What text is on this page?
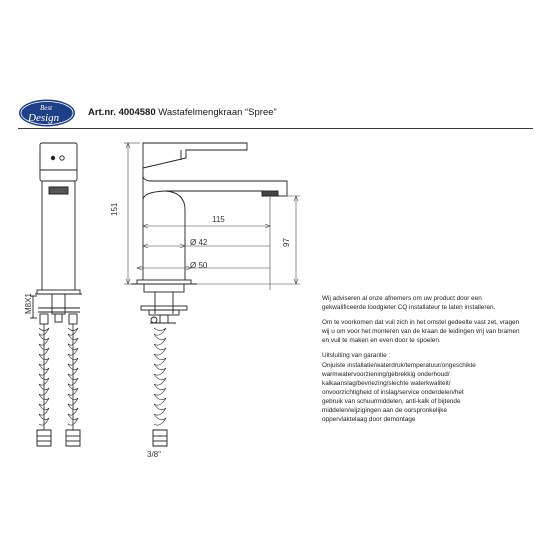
Best
Design	Art.nr. 4004580 Wastafelmengkraan “Spree”
151
115
97
Ø 42
Ø 50
M8X1
3/8"

Wij adviseren al onze afnemers om uw product door een gekwalificeerde loodgieter CQ installateur te laten installeren.

Om te voorkomen dat vuil zich in het omstel gedeelte vast zet, vragen wij u om voor het monteren van de kraan de leidingen vrij van bramen en vuil te maken en even door te spoelen.

Uitsluiting van garantie :
Onjuiste installatie/waterdruk/temperatuur/ongeschikte
warmwatervoorziening/gebrekkig onderhoud/
kalkaanslag/bevriezing/slechte waterkwaliteit/
onvoorzichtigheid of inslag/service onderdelen/het
gebruik van schuurmiddelen, anti-kalk of bijtende
middelen/wijzigingen aan de oorspronkelijke
oppervlaktelaag door demontage
